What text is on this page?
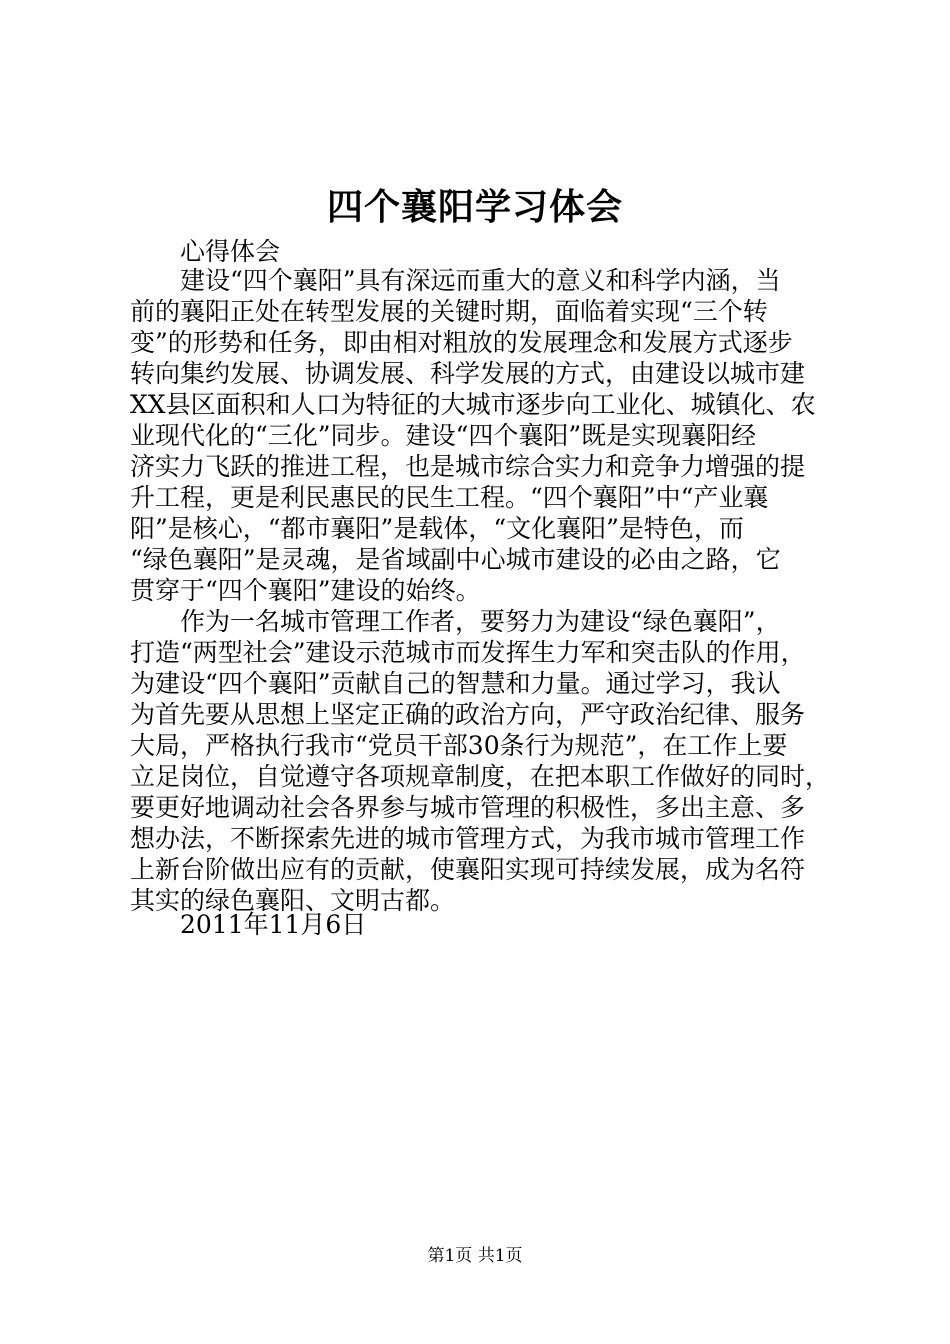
四个襄阳学习体会
心得体会
建设“四个襄阳”具有深远而重大的意义和科学内涵，当
前的襄阳正处在转型发展的关键时期，面临着实现“三个转
变”的形势和任务，即由相对粗放的发展理念和发展方式逐步
转向集约发展、协调发展、科学发展的方式，由建设以城市建
XX县区面积和人口为特征的大城市逐步向工业化、城镇化、农
业现代化的“三化”同步。建设“四个襄阳”既是实现襄阳经
济实力飞跃的推进工程，也是城市综合实力和竞争力增强的提
升工程，更是利民惠民的民生工程。“四个襄阳”中“产业襄
阳”是核心，“都市襄阳”是载体，“文化襄阳”是特色，而
“绿色襄阳”是灵魂，是省域副中心城市建设的必由之路，它
贯穿于“四个襄阳”建设的始终。
作为一名城市管理工作者，要努力为建设“绿色襄阳”，
打造“两型社会”建设示范城市而发挥生力军和突击队的作用，
为建设“四个襄阳”贡献自己的智慧和力量。通过学习，我认
为首先要从思想上坚定正确的政治方向，严守政治纪律、服务
大局，严格执行我市“党员干部30条行为规范”，在工作上要
立足岗位，自觉遵守各项规章制度，在把本职工作做好的同时，
要更好地调动社会各界参与城市管理的积极性，多出主意、多
想办法，不断探索先进的城市管理方式，为我市城市管理工作
上新台阶做出应有的贡献，使襄阳实现可持续发展，成为名符
其实的绿色襄阳、文明古都。
2011年11月6日
第1页 共1页
